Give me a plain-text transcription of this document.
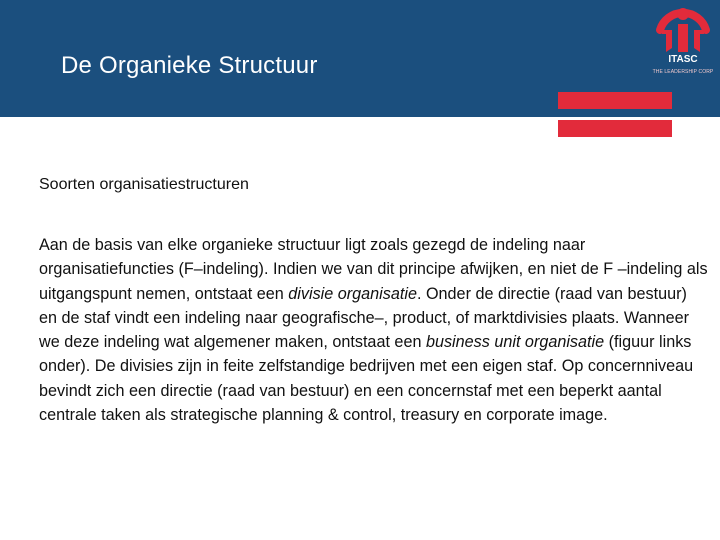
De Organieke Structuur	ITASC
THE LEADERSHIP CORP
Soorten organisatiestructuren
Aan de basis van elke organieke structuur ligt zoals gezegd de indeling naar organisatiefuncties (F–indeling). Indien we van dit principe afwijken, en niet de F –indeling als uitgangspunt nemen, ontstaat een divisie organisatie. Onder de directie (raad van bestuur) en de staf vindt een indeling naar geografische–, product, of marktdivisies plaats. Wanneer we deze indeling wat algemener maken, ontstaat een business unit organisatie (figuur links onder). De divisies zijn in feite zelfstandige bedrijven met een eigen staf. Op concernniveau bevindt zich een directie (raad van bestuur) en een concernstaf met een beperkt aantal centrale taken als strategische planning & control, treasury en corporate image.
